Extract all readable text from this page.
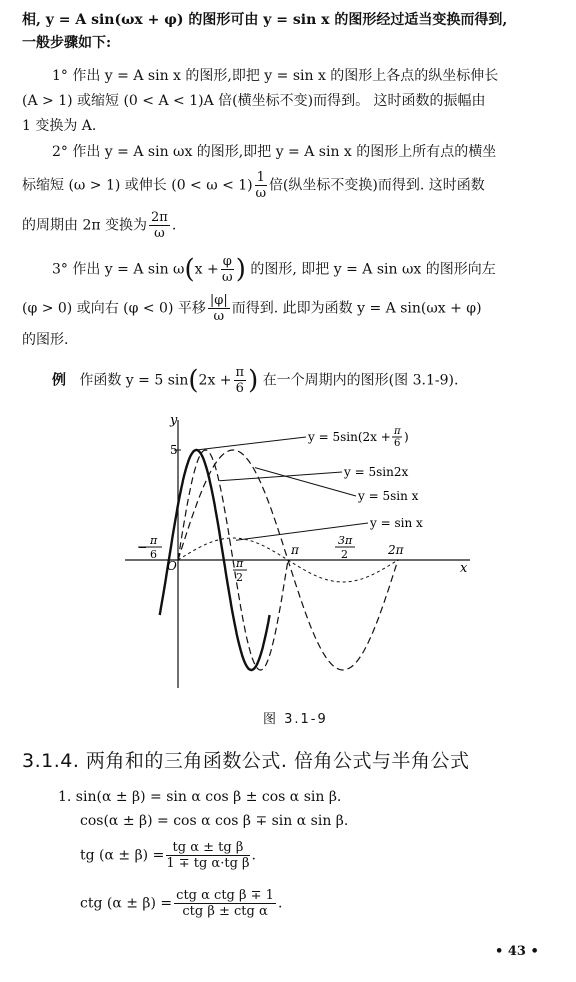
相, y = A sin(ωx + φ) 的图形可由 y = sin x 的图形经过适当变换而得到,
一般步骤如下:
1° 作出 y = A sin x 的图形,即把 y = sin x 的图形上各点的纵坐标伸长
(A > 1) 或缩短 (0 < A < 1)A 倍(横坐标不变)而得到。 这时函数的振幅由
1 变换为 A.
2° 作出 y = A sin ωx 的图形,即把 y = A sin x 的图形上所有点的横坐
标缩短 (ω > 1) 或伸长 $(0 < \omega < 1) \frac{1}{\omega}$ 倍(纵坐标不变换)而得到. 这时函数
的周期由 2π 变换为 $\frac{2\pi}{\omega}$ .
3° 作出 y = A $\sin \omega(x + \frac{\varphi}{\omega}$ ) 的图形, 即把 y = A sin ωx 的图形向左
(φ > 0) 或向右 (φ < 0) 平移 $\frac{|\varphi|}{\omega}$ 而得到. 此即为函数 y = A sin(ωx + φ)
的图形.
例 作函数 y = 5 $\sin(2x + \frac{\pi}{6}$ ) 在一个周期内的图形(图 3.1-9).
y
x
5
π
−
6
O	π
2
π
3π
2	2π
y = 5sin(2x + π
6 )
y = 5sin2x
y = 5sin x
y = sin x
图 3.1-9
3.1.4. 两角和的三角函数公式. 倍角公式与半角公式
1. sin(α ± β) = sin α cos β ± cos α sin β.
cos(α ± β) = cos α cos β ∓ sin α sin β.
tg $(\alpha \pm \beta) = \frac{\text{tg α ± tg β}}{\text{1 ∓ tg α·tg β}}$ .
ctg $(\alpha \pm \beta) = \frac{\text{ctg α ctg β ∓ 1}}{\text{ctg β ± ctg α}}$ .
• 43 •
